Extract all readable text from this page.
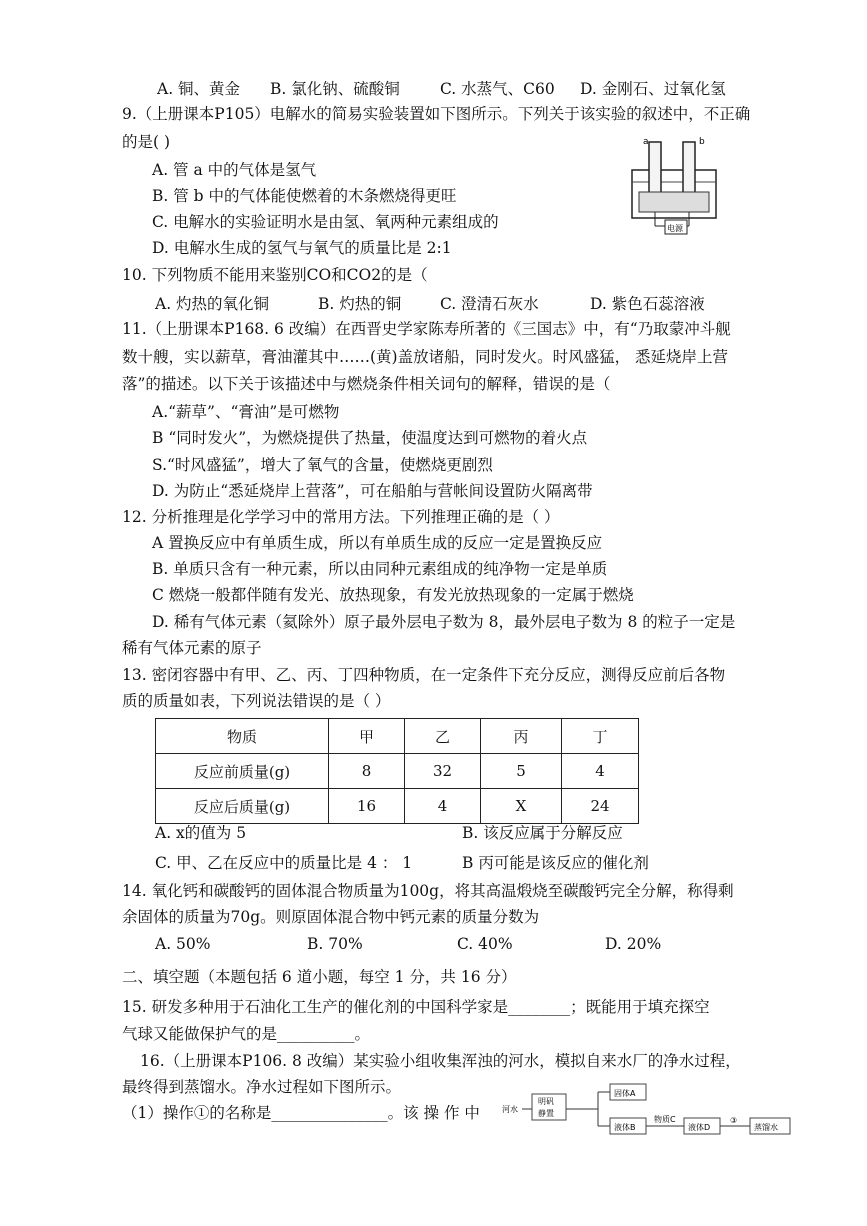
A. 铜、黄金 B. 氯化钠、硫酸铜	C. 水蒸气、C60 D. 金刚石、过氧化氢
9.（上册课本P105）电解水的简易实验装置如下图所示。下列关于该实验的叙述中，不正确
的是( )
A. 管 a 中的气体是氢气
B. 管 b 中的气体能使燃着的木条燃烧得更旺
C. 电解水的实验证明水是由氢、氧两种元素组成的
D. 电解水生成的氢气与氧气的质量比是 2:1
a	b
电源
10. 下列物质不能用来鉴别CO和CO2的是（
A. 灼热的氧化铜	B. 灼热的铜	C. 澄清石灰水	D. 紫色石蕊溶液
11.（上册课本P168. 6 改编）在西晋史学家陈寿所著的《三国志》中，有“乃取蒙冲斗舰
数十艘，实以薪草，膏油灌其中……(黄)盖放诸船，同时发火。时风盛猛， 悉延烧岸上营
落”的描述。以下关于该描述中与燃烧条件相关词句的解释，错误的是（
A.“薪草”、“膏油”是可燃物
B “同时发火”，为燃烧提供了热量，使温度达到可燃物的着火点
S.“时风盛猛”，增大了氧气的含量，使燃烧更剧烈
D. 为防止“悉延烧岸上营落”，可在船舶与营帐间设置防火隔离带
12. 分析推理是化学学习中的常用方法。下列推理正确的是（ ）
A 置换反应中有单质生成，所以有单质生成的反应一定是置换反应
B. 单质只含有一种元素，所以由同种元素组成的纯净物一定是单质
C 燃烧一般都伴随有发光、放热现象，有发光放热现象的一定属于燃烧
D. 稀有气体元素（氦除外）原子最外层电子数为 8，最外层电子数为 8 的粒子一定是
稀有气体元素的原子
13. 密闭容器中有甲、乙、丙、丁四种物质，在一定条件下充分反应，测得反应前后各物
质的质量如表，下列说法错误的是（ ）
物质	甲	乙	丙	丁
反应前质量(g)	8	32	5	4
反应后质量(g)	16	4	X	24
A. x的值为 5	B. 该反应属于分解反应
C. 甲、乙在反应中的质量比是 4 ： 1	B 丙可能是该反应的催化剂
14. 氧化钙和碳酸钙的固体混合物质量为100g，将其高温煅烧至碳酸钙完全分解，称得剩
余固体的质量为70g。则原固体混合物中钙元素的质量分数为
A. 50%	B. 70%	C. 40%	D. 20%
二、填空题（本题包括 6 道小题，每空 1 分，共 16 分）
15. 研发多种用于石油化工生产的催化剂的中国科学家是________；既能用于填充探空
气球又能做保护气的是__________。
16.（上册课本P106. 8 改编）某实验小组收集浑浊的河水，模拟自来水厂的净水过程，
最终得到蒸馏水。净水过程如下图所示。
（1）操作①的名称是_______________。该 操 作 中	河水
明矾
静置
固体A
液体B
物质C
液体D
③
蒸馏水
